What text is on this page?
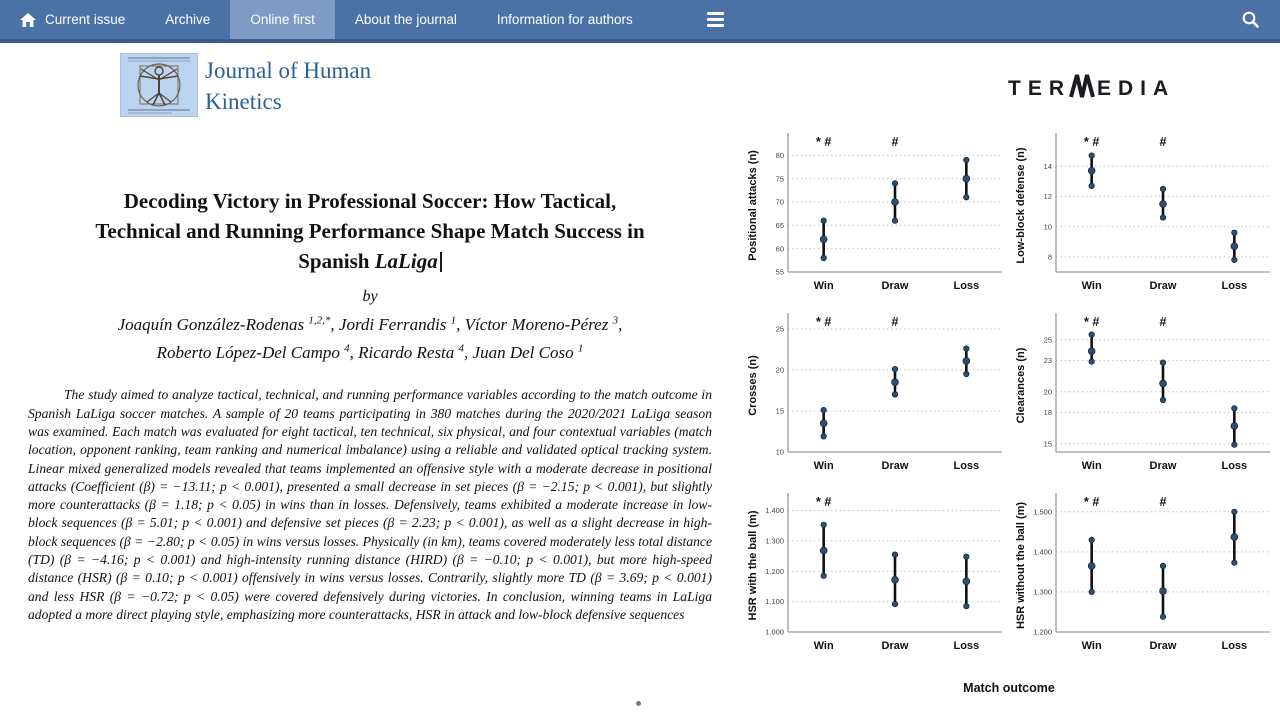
Current issue	Archive	Online first	About the journal	Information for authors
Journal of Human
Kinetics
TER EDIA
Decoding Victory in Professional Soccer: How Tactical,
Technical and Running Performance Shape Match Success in
Spanish LaLiga
by
Joaquín González-Rodenas $^{1,2,*}$, Jordi Ferrandis $^1$, Víctor Moreno-Pérez $^3$,
Roberto López-Del Campo $^4$, Ricardo Resta $^4$, Juan Del Coso $^1$
The study aimed to analyze tactical, technical, and running performance variables according to the match outcome in Spanish LaLiga soccer matches. A sample of 20 teams participating in 380 matches during the 2020/2021 LaLiga season was examined. Each match was evaluated for eight tactical, ten technical, six physical, and four contextual variables (match location, opponent ranking, team ranking and numerical imbalance) using a reliable and validated optical tracking system. Linear mixed generalized models revealed that teams implemented an offensive style with a moderate decrease in positional attacks (Coefficient (β) = −13.11; p < 0.001), presented a small decrease in set pieces (β = −2.15; p < 0.001), but slightly more counterattacks (β = 1.18; p < 0.05) in wins than in losses. Defensively, teams exhibited a moderate increase in low-block sequences (β = 5.01; p < 0.001) and defensive set pieces (β = 2.23; p < 0.001), as well as a slight decrease in high-block sequences (β = −2.80; p < 0.05) in wins versus losses. Physically (in km), teams covered moderately less total distance (TD) (β = −4.16; p < 0.001) and high-intensity running distance (HIRD) (β = −0.10; p < 0.001), but more high-speed distance (HSR) (β = 0.10; p < 0.001) offensively in wins versus losses. Contrarily, slightly more TD (β = 3.69; p < 0.001) and less HSR (β = −0.72; p < 0.05) were covered defensively during victories. In conclusion, winning teams in LaLiga adopted a more direct playing style, emphasizing more counterattacks, HSR in attack and low-block defensive sequences
Positional attacks (n)
55
60
65
70
75
80
* #
Win
#
Draw	Loss
Low-block defense (n)	8
10
12
14
* #
Win
#
Draw	Loss
Crosses (n)
10
15
20
25	* #
Win
#
Draw	Loss
Clearances (n)
15
18
20
23
25
* #
Win
#
Draw	Loss
HSR with the ball (m)
1.000
1.100
1.200
1.300
1.400
* #
Win	Draw	Loss
HSR without the ball (m)
1.200
1.300
1.400
1.500
* #
Win
#
Draw	Loss
Match outcome
